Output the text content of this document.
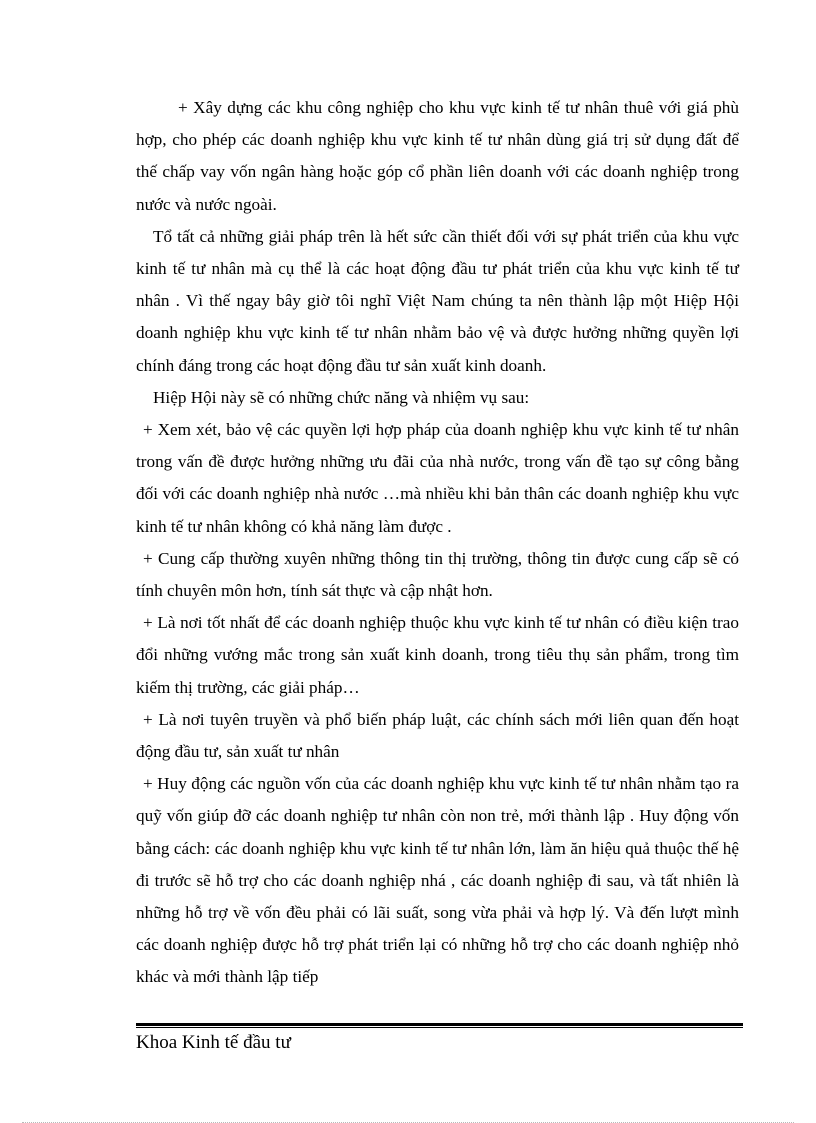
+ Xây dựng các khu công nghiệp cho khu vực kinh tế tư nhân thuê với giá phù hợp, cho phép các doanh nghiệp khu vực kinh tế tư nhân dùng giá trị sử dụng đất để thế chấp vay vốn ngân hàng hoặc góp cổ phần liên doanh với các doanh nghiệp trong nước và nước ngoài.

Tổ tất cả những giải pháp trên là hết sức cần thiết đối với sự phát triển của khu vực kinh tế tư nhân mà cụ thể là các hoạt động đầu tư phát triển của khu vực kinh tế tư nhân . Vì thế ngay bây giờ tôi nghĩ Việt Nam chúng ta nên thành lập một Hiệp Hội doanh nghiệp khu vực kinh tế tư nhân nhằm bảo vệ và được hưởng những quyền lợi chính đáng trong các hoạt động đầu tư sản xuất kinh doanh.

Hiệp Hội này sẽ có những chức năng và nhiệm vụ sau:

+ Xem xét, bảo vệ các quyền lợi hợp pháp của doanh nghiệp khu vực kinh tế tư nhân trong vấn đề được hưởng những ưu đãi của nhà nước, trong vấn đề tạo sự công bằng đối với các doanh nghiệp nhà nước …mà nhiều khi bản thân các doanh nghiệp khu vực kinh tế tư nhân không có khả năng làm được .

+ Cung cấp thường xuyên những thông tin thị trường, thông tin được cung cấp sẽ có tính chuyên môn hơn, tính sát thực và cập nhật hơn.

+ Là nơi tốt nhất để các doanh nghiệp thuộc khu vực kinh tế tư nhân có điều kiện trao đổi những vướng mắc trong sản xuất kinh doanh, trong tiêu thụ sản phẩm, trong tìm kiếm thị trường, các giải pháp…

+ Là nơi tuyên truyền và phổ biến pháp luật, các chính sách mới liên quan đến hoạt động đầu tư, sản xuất tư nhân

+ Huy động các nguồn vốn của các doanh nghiệp khu vực kinh tế tư nhân nhằm tạo ra quỹ vốn giúp đỡ các doanh nghiệp tư nhân còn non trẻ, mới thành lập . Huy động vốn bằng cách: các doanh nghiệp khu vực kinh tế tư nhân lớn, làm ăn hiệu quả thuộc thế hệ đi trước sẽ hỗ trợ cho các doanh nghiệp nhá , các doanh nghiệp đi sau, và tất nhiên là những hỗ trợ về vốn đều phải có lãi suất, song vừa phải và hợp lý. Và đến lượt mình các doanh nghiệp được hỗ trợ phát triển lại có những hỗ trợ cho các doanh nghiệp nhỏ khác và mới thành lập tiếp

Khoa Kinh tế đầu tư
